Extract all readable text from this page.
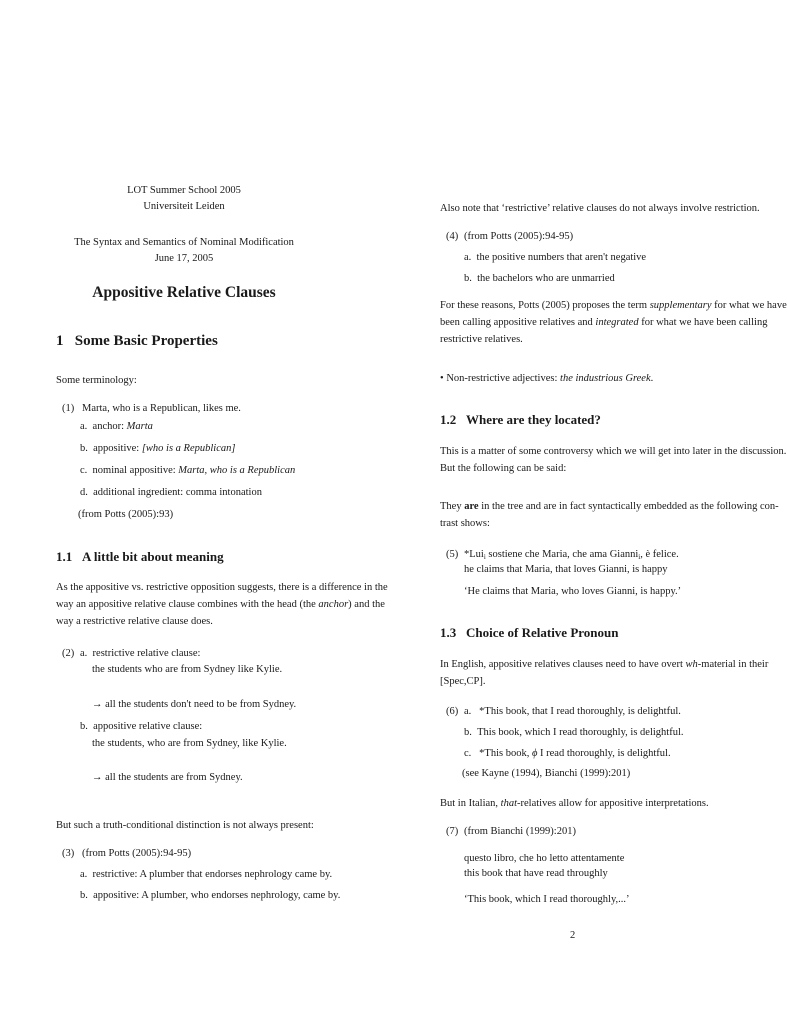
LOT Summer School 2005
Universiteit Leiden
The Syntax and Semantics of Nominal Modification
June 17, 2005
Appositive Relative Clauses
1 Some Basic Properties
Some terminology:
(1) Marta, who is a Republican, likes me.
a. anchor: Marta
b. appositive: [who is a Republican]
c. nominal appositive: Marta, who is a Republican
d. additional ingredient: comma intonation
(from Potts (2005):93)
1.1 A little bit about meaning
As the appositive vs. restrictive opposition suggests, there is a difference in the
way an appositive relative clause combines with the head (the anchor) and the
way a restrictive relative clause does.
(2) a. restrictive relative clause:
the students who are from Sydney like Kylie.
→ all the students don't need to be from Sydney.
b. appositive relative clause:
the students, who are from Sydney, like Kylie.
→ all the students are from Sydney.
But such a truth-conditional distinction is not always present:
(3) (from Potts (2005):94-95)
a. restrictive: A plumber that endorses nephrology came by.
b. appositive: A plumber, who endorses nephrology, came by.
Also note that ‘restrictive’ relative clauses do not always involve restriction.
(4) (from Potts (2005):94-95)
a. the positive numbers that aren't negative
b. the bachelors who are unmarried
For these reasons, Potts (2005) proposes the term supplementary for what we have
been calling appositive relatives and integrated for what we have been calling
restrictive relatives.
• Non-restrictive adjectives: the industrious Greek.
1.2 Where are they located?
This is a matter of some controversy which we will get into later in the discussion.
But the following can be said:
They are in the tree and are in fact syntactically embedded as the following con-
trast shows:
(5) *Lui$_i$ sostiene che Maria, che ama Gianni$_i$, è felice.
he claims that Maria, that loves Gianni, is happy
‘He claims that Maria, who loves Gianni, is happy.’
1.3 Choice of Relative Pronoun
In English, appositive relatives clauses need to have overt wh-material in their
[Spec,CP].
(6) a. *This book, that I read thoroughly, is delightful.
b. This book, which I read thoroughly, is delightful.
c. *This book, ϕ I read thoroughly, is delightful.
(see Kayne (1994), Bianchi (1999):201)
But in Italian, that-relatives allow for appositive interpretations.
(7) (from Bianchi (1999):201)
questo libro, che ho letto attentamente
this book that have read throughly
‘This book, which I read thoroughly,...’
2
